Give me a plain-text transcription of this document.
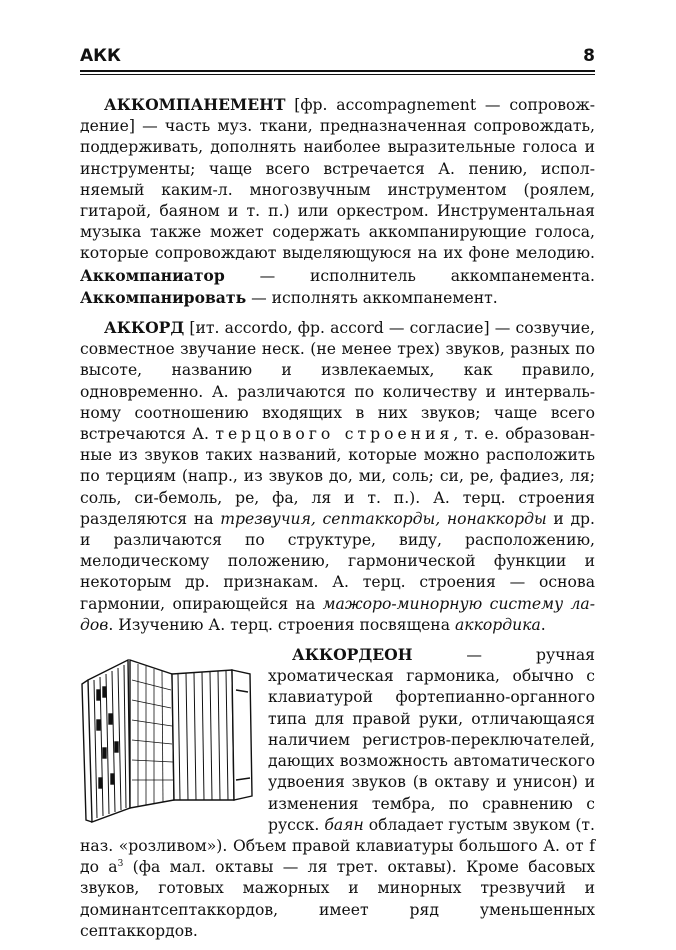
АКК	8

АККОМПАНЕМЕНТ [фр. accompagnement — сопровождение] — часть муз. ткани, предназначенная сопровождать, поддерживать, дополнять наиболее выразительные голоса и инструменты; чаще всего встречается А. пению, исполняемый каким-л. многозвучным инструментом (роялем, гитарой, баяном и т. п.) или оркестром. Инструментальная музыка также может содержать аккомпанирующие голоса, которые сопровождают выделяющуюся на их фоне мелодию. Аккомпаниатор — исполнитель аккомпанемента. Аккомпанировать — исполнять аккомпанемент.

АККОРД [ит. accordo, фр. accord — согласие] — созвучие, совместное звучание неск. (не менее трех) звуков, разных по высоте, названию и извлекаемых, как правило, одновременно. А. различаются по количеству и интервальному соотношению входящих в них звуков; чаще всего встречаются А. терцового строения, т. е. образованные из звуков таких названий, которые можно расположить по терциям (напр., из звуков до, ми, соль; си, ре, фадиез, ля; соль, си-бемоль, ре, фа, ля и т. п.). А. терц. строения разделяются на трезвучия, септаккорды, нонаккорды и др. и различаются по структуре, виду, расположению, мелодическому положению, гармонической функции и некоторым др. признакам. А. терц. строения — основа гармонии, опирающейся на мажоро-минорную систему ладов. Изучению А. терц. строения посвящена аккордика.

АККОРДЕОН — ручная хроматическая гармоника, обычно с клавиатурой фортепианно-органного типа для правой руки, отличающаяся наличием регистров-переключателей, дающих возможность автоматического удвоения звуков (в октаву и унисон) и изменения тембра, по сравнению с русск. баян обладает густым звуком (т. наз. «розливом»). Объем правой клавиатуры большого А. от f до $a^3$ (фа мал. октавы — ля трет. октавы). Кроме басовых звуков, готовых мажорных и минорных трезвучий и доминантсептаккордов, имеет ряд уменьшенных септаккордов.
